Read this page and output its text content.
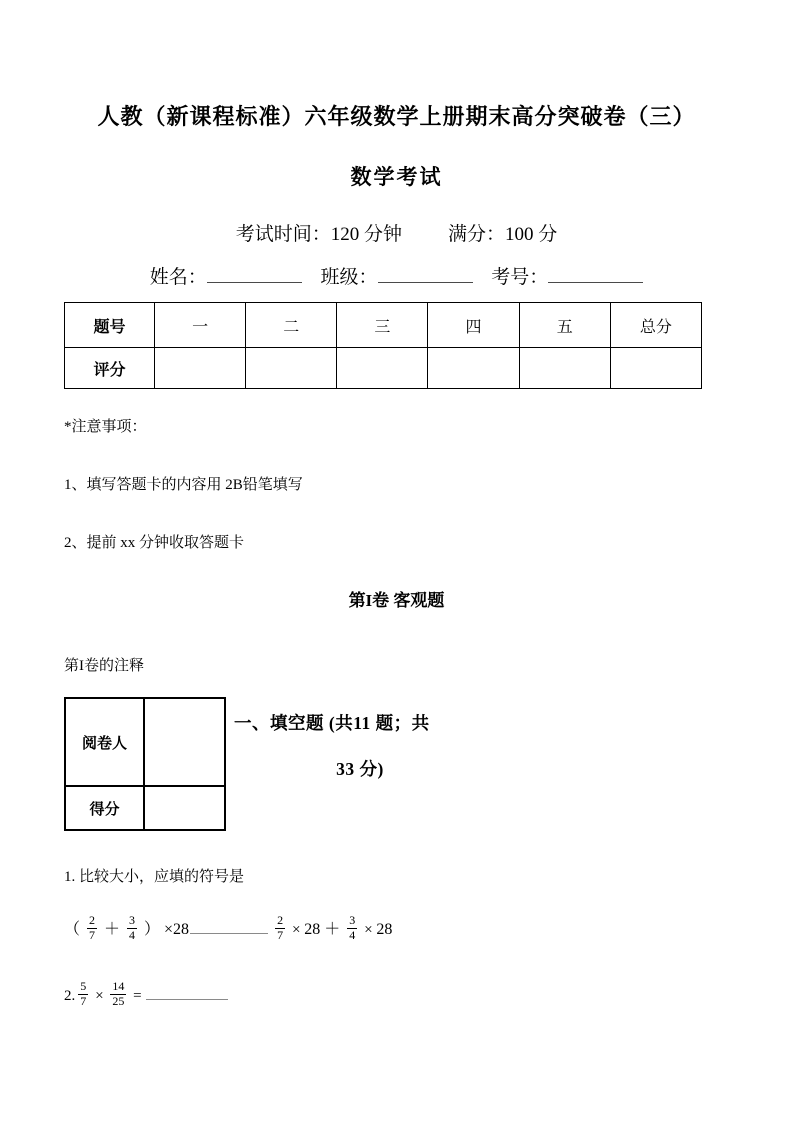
人教（新课程标准）六年级数学上册期末高分突破卷（三）
数学考试
考试时间：120 分钟 满分：100 分
姓名：	班级：	考号：
题号	一	二	三	四	五	总分
评分						
*注意事项：
1、填写答题卡的内容用 2B铅笔填写
2、提前 xx 分钟收取答题卡
第I卷 客观题
第I卷的注释
阅卷人
得分
一、填空题 (共11 题；共
33 分)
1. 比较大小，应填的符号是
（ $\frac{2}{7} + \frac{3}{4}$ ） ×28	$\frac{2}{7} \times 28 + \frac{3}{4} \times 28$
2. $\frac{5}{7} \times \frac{14}{25}$ =
